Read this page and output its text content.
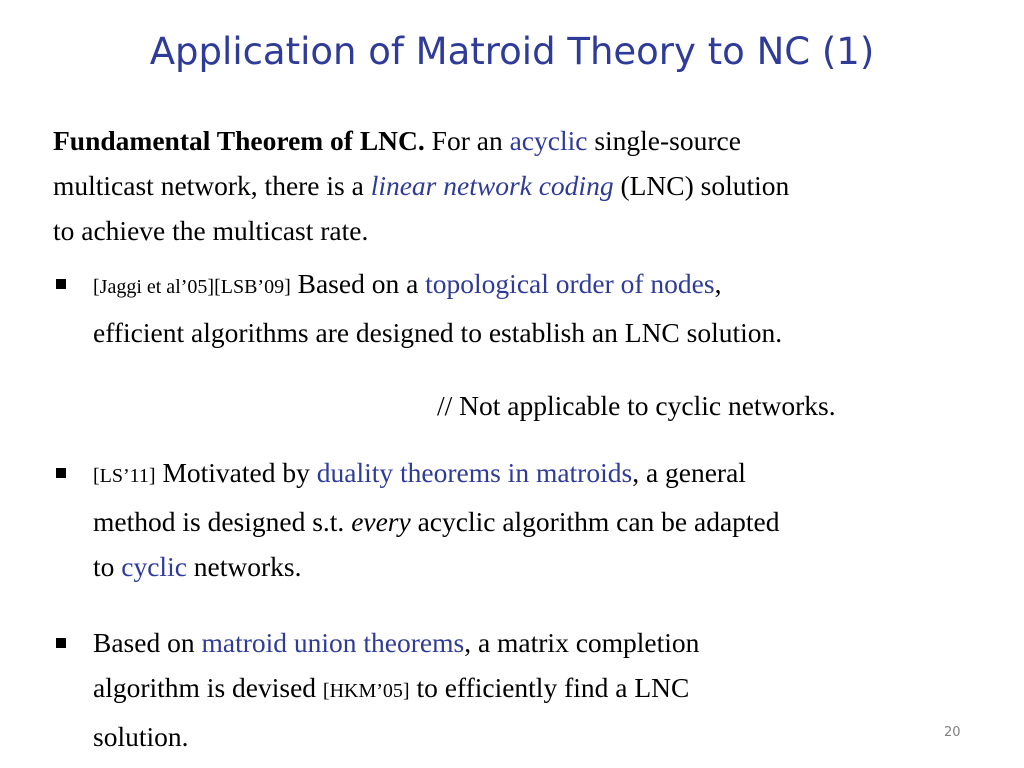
Application of Matroid Theory to NC (1)
Fundamental Theorem of LNC. For an acyclic single-source
multicast network, there is a linear network coding (LNC) solution
to achieve the multicast rate.
[Jaggi et al’05][LSB’09] Based on a topological order of nodes,
efficient algorithms are designed to establish an LNC solution.
// Not applicable to cyclic networks.
[LS’11] Motivated by duality theorems in matroids, a general
method is designed s.t. every acyclic algorithm can be adapted
to cyclic networks.
Based on matroid union theorems, a matrix completion
algorithm is devised [HKM’05] to efficiently find a LNC
solution.	20
